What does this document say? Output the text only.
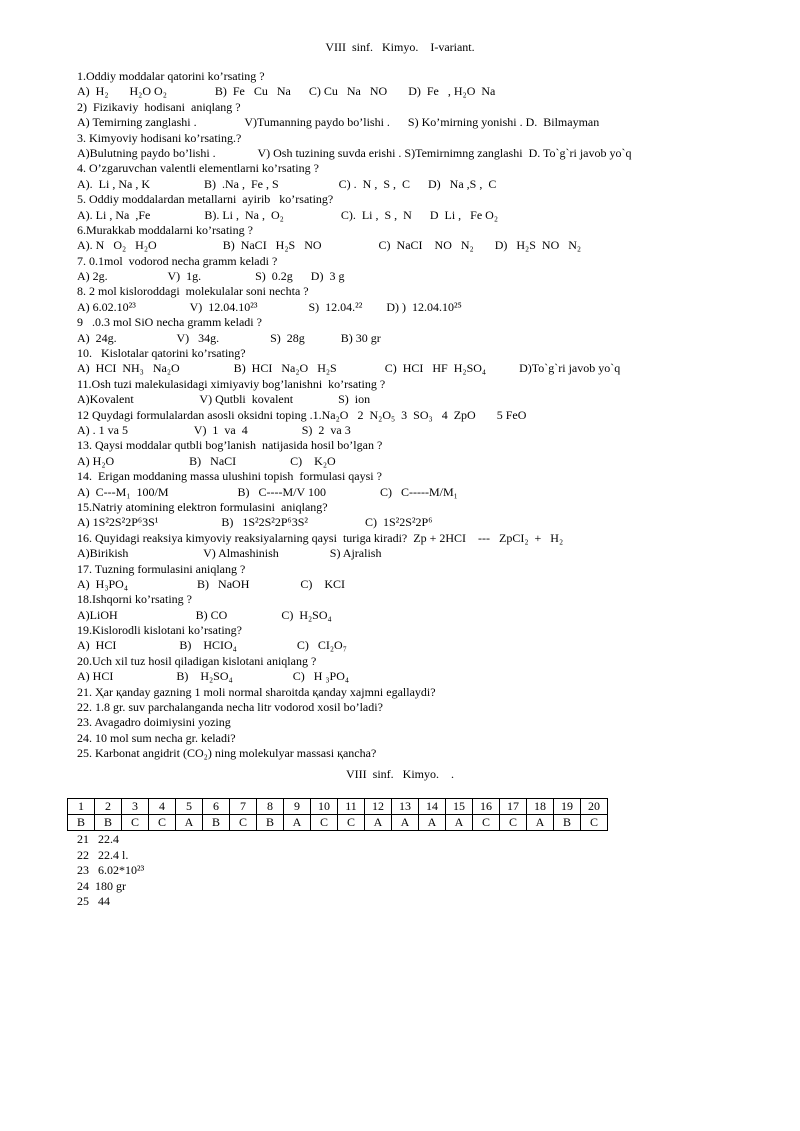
VIII  sinf.   Kimyo.    I-variant.
1.Oddiy moddalar qatorini ko’rsating ?
A)  H₂       H₂O O₂                B)  Fe   Cu   Na      C) Cu   Na   NO       D)  Fe   , H₂O  Na
2)  Fizikaviy  hodisani  aniqlang ?
A) Temirning zanglashi .                V)Tumanning paydo bo’lishi .      S) Ko’mirning yonishi . D.  Bilmayman
3. Kimyoviy hodisani ko’rsating.?
A)Bulutning paydo bo’lishi .              V) Osh tuzining suvda erishi . S)Temirnimng zanglashi  D. To`g`ri javob yo`q
4. O’zgaruvchan valentli elementlarni ko’rsating ?
A).  Li , Na , K                  B)  .Na ,  Fe , S                    C) .  N ,  S ,  C      D)   Na ,S ,  C
5. Oddiy moddalardan metallarni  ayirib   ko’rsating?
A). Li , Na  ,Fe                  B). Li ,  Na ,  O₂                   C).  Li ,  S ,  N      D  Li ,   Fe O₂
6.Murakkab moddalarni ko’rsating ?
A). N   O₂   H₂O                      B)  NaCI   H₂S   NO                   C)  NaCI    NO   N₂       D)   H₂S  NO   N₂
7. 0.1mol  vodorod necha gramm keladi ?
A) 2g.                    V)  1g.                  S)  0.2g      D)  3 g
8. 2 mol kisloroddagi  molekulalar soni nechta ?
A) 6.02.10²³                  V)  12.04.10²³                 S)  12.04.²²        D) )  12.04.10²⁵
9   .0.3 mol SiO necha gramm keladi ?
A)  24g.                    V)   34g.                 S)  28g            B) 30 gr
10.   Kislotalar qatorini ko’rsating?
A)  HCI  NH₃   Na₂O                  B)  HCI   Na₂O   H₂S                C)  HCI   HF  H₂SO₄           D)To`g`ri javob yo`q
11.Osh tuzi malekulasidagi ximiyaviy bog’lanishni  ko’rsating ?
A)Kovalent                      V) Qutbli  kovalent               S)  ion
12 Quydagi formulalardan asosli oksidni toping .1.Na₂O   2  N₂O₅  3  SO₃   4  ZpO       5 FeO
A) . 1 va 5                      V)  1  va  4                  S)  2  va 3
13. Qaysi moddalar qutbli bog’lanish  natijasida hosil bo’lgan ?
A) H₂O                         B)   NaCI                  C)    K₂O
14.  Erigan moddaning massa ulushini topish  formulasi qaysi ?
A)  C---M₁  100/M                       B)   C----M/V 100                  C)   C-----M/M₁
15.Natriy atomining elektron formulasini  aniqlang?
A) 1S²2S²2P⁶3S¹                     B)   1S²2S²2P⁶3S²                   C)  1S²2S²2P⁶
16. Quyidagi reaksiya kimyoviy reaksiyalarning qaysi  turiga kiradi?  Zp + 2HCI    ---   ZpCI₂  +   H₂
A)Birikish                         V) Almashinish                 S) Ajralish
17. Tuzning formulasini aniqlang ?
A)  H₃PO₄                       B)   NaOH                 C)    KCI
18.Ishqorni ko’rsating ?
A)LiOH                          B) CO                  C)  H₂SO₄
19.Kislorodli kislotani ko’rsating?
A)  HCI                     B)    HCIO₄                    C)   CI₂O₇
20.Uch xil tuz hosil qiladigan kislotani aniqlang ?
A) HCI                     B)    H₂SO₄                    C)   H ₃PO₄
21. Ҳar қanday gazning 1 moli normal sharoitda қanday xajmni egallaydi?
22. 1.8 gr. suv parchalanganda necha litr vodorod xosil bo’ladi?
23. Avagadro doimiysini yozing
24. 10 mol sum necha gr. keladi?
25. Karbonat angidrit (CO₂) ning molekulyar massasi қancha?
VIII  sinf.   Kimyo.    .
1	2	3	4	5	6	7	8	9	10	11	12	13	14	15	16	17	18	19	20
B	B	C	C	A	B	C	B	A	C	C	A	A	A	A	C	C	A	B	C
21   22.4
22   22.4 l.
23   6.02*10²³
24  180 gr
25   44
